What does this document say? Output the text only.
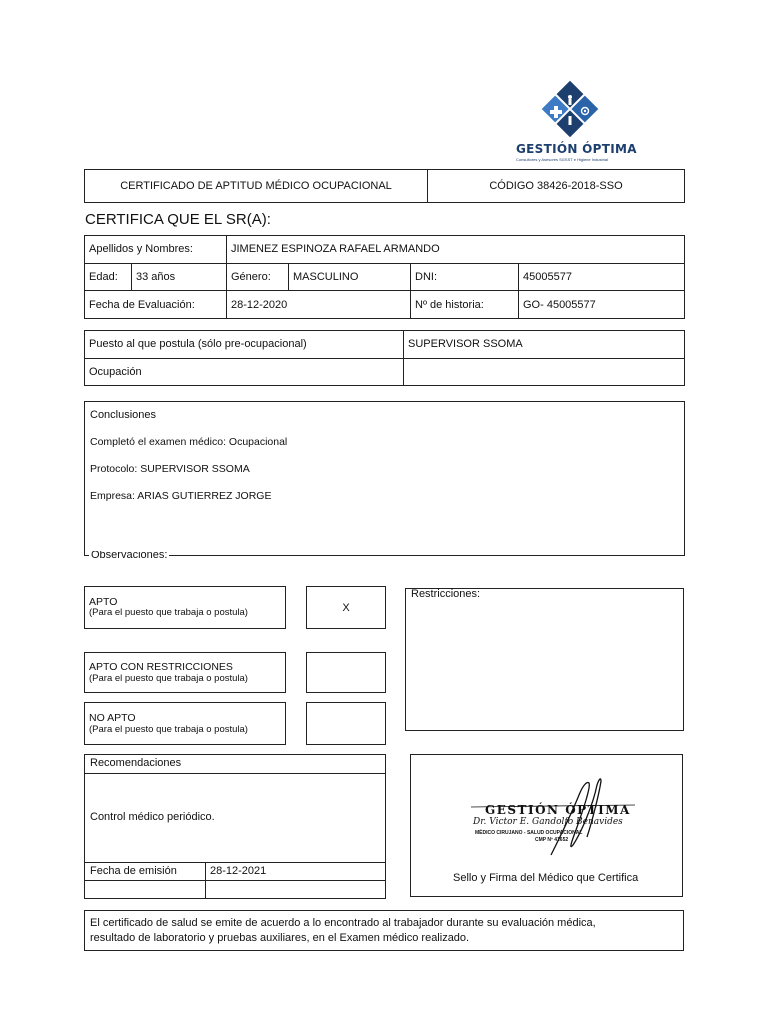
GESTIÓN ÓPTIMA
Consultores y Asesores SGSST e Higiene Industrial
CERTIFICADO DE APTITUD MÉDICO OCUPACIONAL	CÓDIGO 38426-2018-SSO
CERTIFICA QUE EL SR(A):
Apellidos y Nombres:		JIMENEZ ESPINOZA RAFAEL ARMANDO			
Edad:	33 años	Género:	MASCULINO	DNI:	45005577
Fecha de Evaluación:		28-12-2020		Nº de historia:	GO- 45005577
Puesto al que postula (sólo pre-ocupacional)	SUPERVISOR SSOMA
Ocupación	
Conclusiones
Completó el examen médico: Ocupacional
Protocolo: SUPERVISOR SSOMA
Empresa: ARIAS GUTIERREZ JORGE
Observaciones:
APTO
(Para el puesto que trabaja o postula)	X
APTO CON RESTRICCIONES
(Para el puesto que trabaja o postula)
NO APTO
(Para el puesto que trabaja o postula)
Restricciones:
Recomendaciones
Control médico periódico.
Fecha de emisión	28-12-2021
GESTIÓN ÓPTIMA
Dr. Victor E. Gandolfo Benavides
MÉDICO CIRUJANO - SALUD OCUPACIONAL
CMP Nº 41652
Sello y Firma del Médico que Certifica
El certificado de salud se emite de acuerdo a lo encontrado al trabajador durante su evaluación médica,
resultado de laboratorio y pruebas auxiliares, en el Examen médico realizado.
